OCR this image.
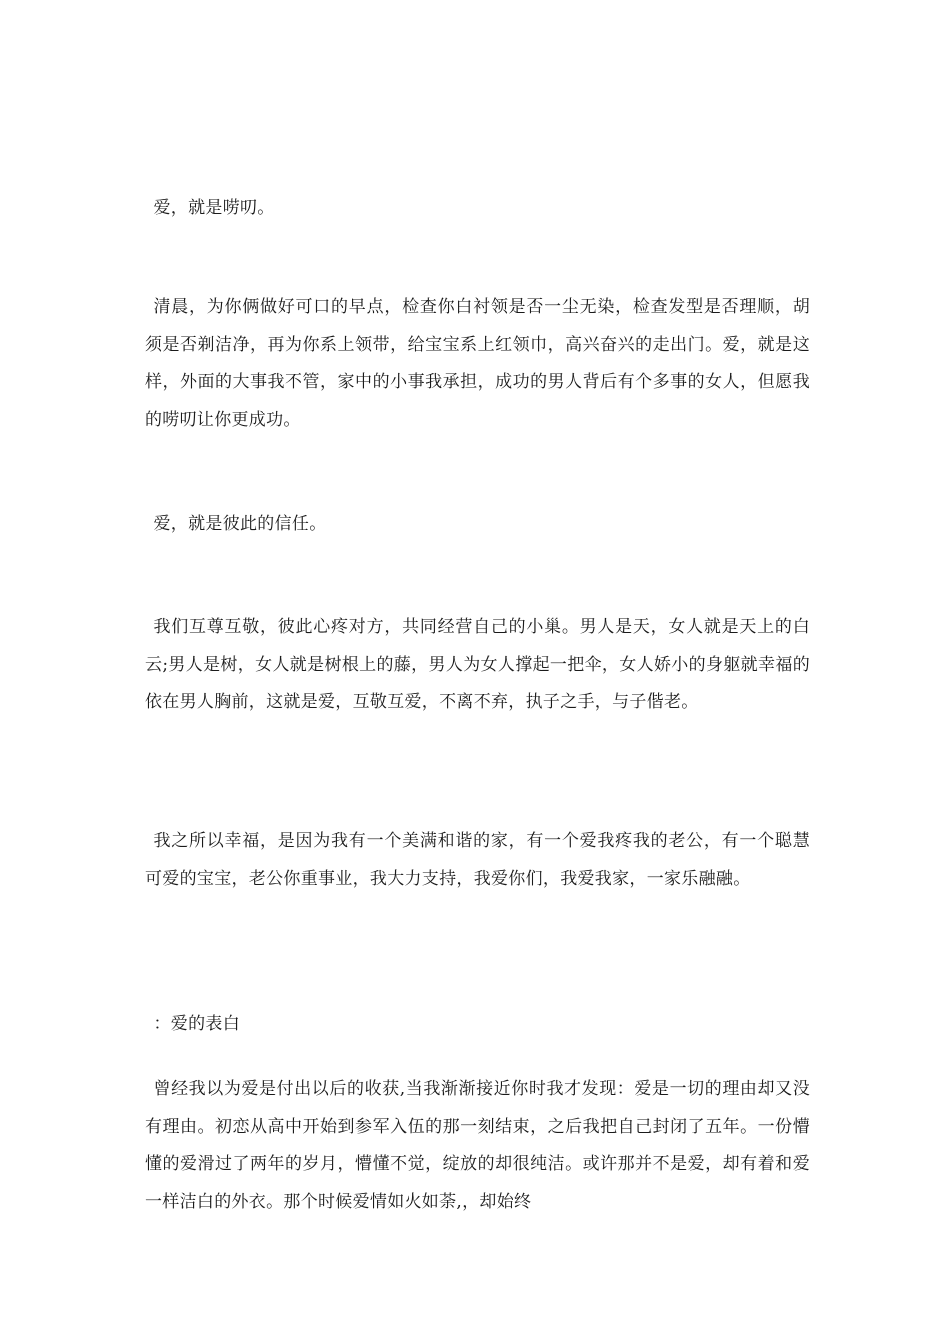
爱，就是唠叨。

清晨，为你俩做好可口的早点，检查你白衬领是否一尘无染，检查发型是否理顺，胡须是否剃洁净，再为你系上领带，给宝宝系上红领巾，高兴奋兴的走出门。爱，就是这样，外面的大事我不管，家中的小事我承担，成功的男人背后有个多事的女人，但愿我的唠叨让你更成功。

爱，就是彼此的信任。

我们互尊互敬，彼此心疼对方，共同经营自己的小巢。男人是天，女人就是天上的白云;男人是树，女人就是树根上的藤，男人为女人撑起一把伞，女人娇小的身躯就幸福的依在男人胸前，这就是爱，互敬互爱，不离不弃，执子之手，与子偕老。

我之所以幸福，是因为我有一个美满和谐的家，有一个爱我疼我的老公，有一个聪慧可爱的宝宝，老公你重事业，我大力支持，我爱你们，我爱我家，一家乐融融。

：爱的表白

曾经我以为爱是付出以后的收获,当我渐渐接近你时我才发现：爱是一切的理由却又没有理由。初恋从高中开始到参军入伍的那一刻结束，之后我把自己封闭了五年。一份懵懂的爱滑过了两年的岁月，懵懂不觉，绽放的却很纯洁。或许那并不是爱，却有着和爱一样洁白的外衣。那个时候爱情如火如荼,，却始终
